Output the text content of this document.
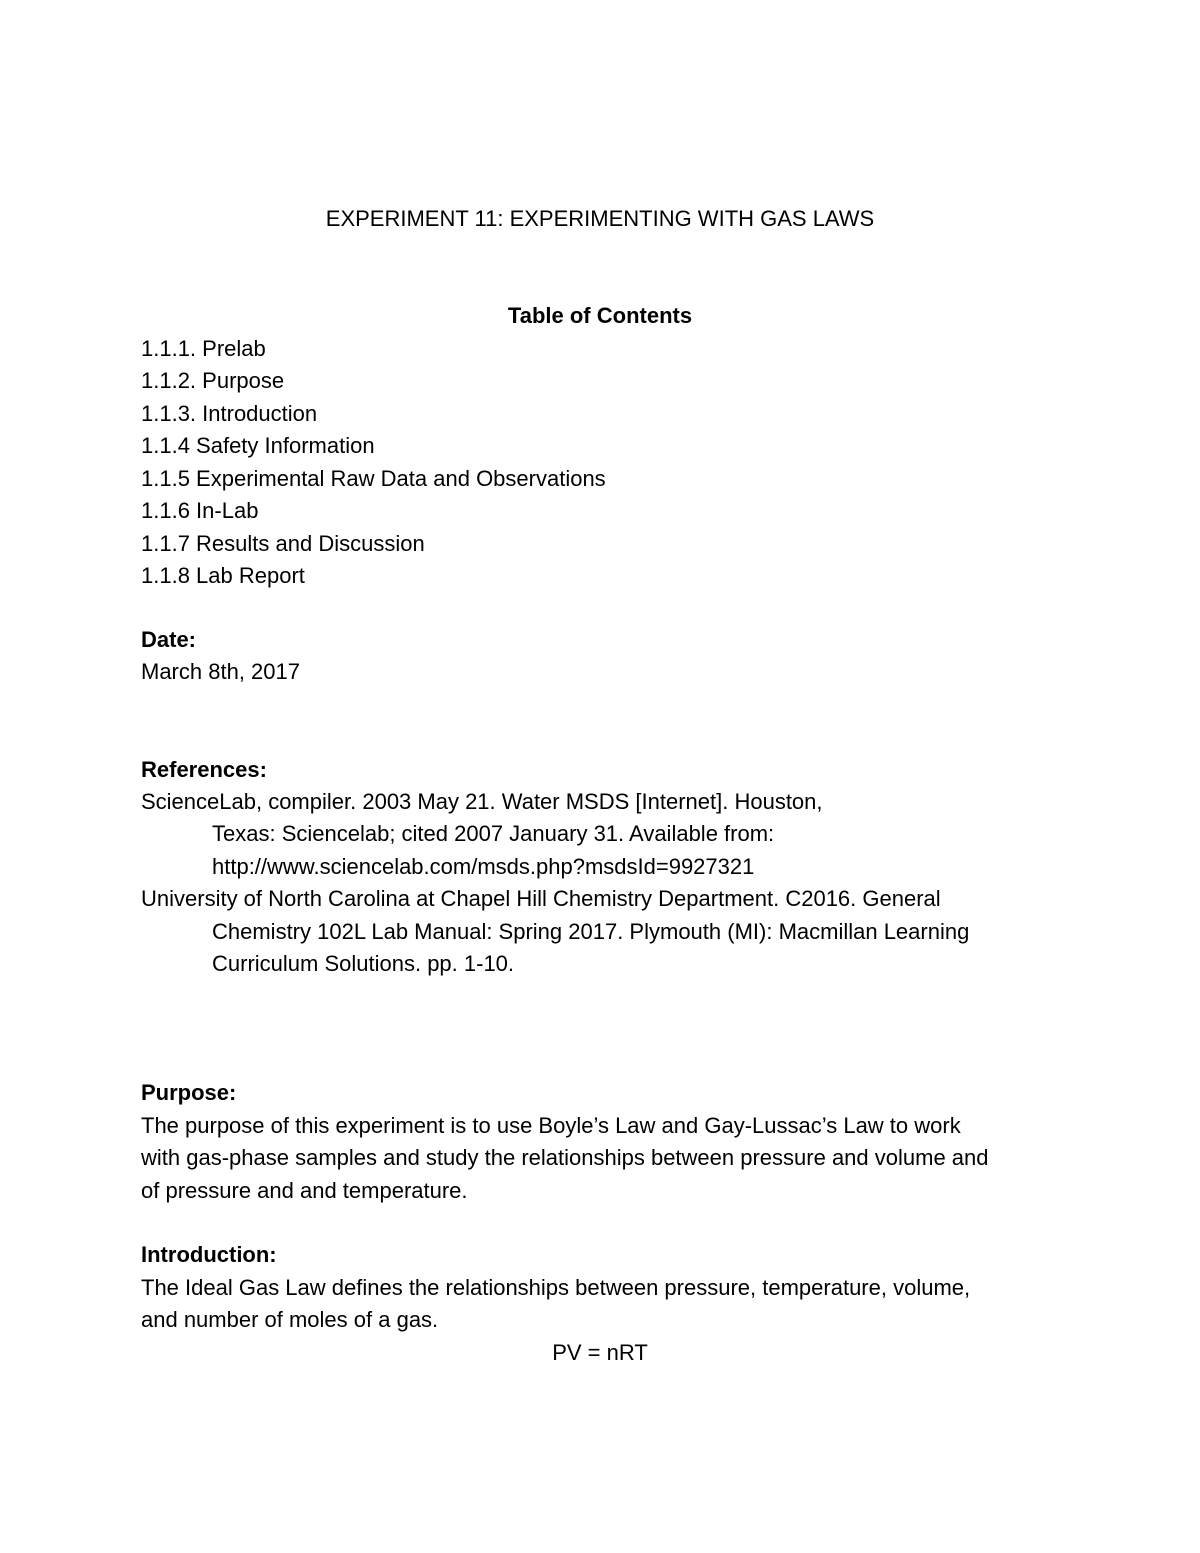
EXPERIMENT 11: EXPERIMENTING WITH GAS LAWS

Table of Contents

1.1.1. Prelab

1.1.2. Purpose

1.1.3. Introduction

1.1.4 Safety Information

1.1.5 Experimental Raw Data and Observations

1.1.6 In-Lab

1.1.7 Results and Discussion

1.1.8 Lab Report

Date:

March 8th, 2017

References:

ScienceLab, compiler. 2003 May 21. Water MSDS [Internet]. Houston,

Texas: Sciencelab; cited 2007 January 31. Available from:

http://www.sciencelab.com/msds.php?msdsId=9927321

University of North Carolina at Chapel Hill Chemistry Department. C2016. General

Chemistry 102L Lab Manual: Spring 2017. Plymouth (MI): Macmillan Learning

Curriculum Solutions. pp. 1-10.

Purpose:

The purpose of this experiment is to use Boyle’s Law and Gay-Lussac’s Law to work

with gas-phase samples and study the relationships between pressure and volume and

of pressure and and temperature.

Introduction:

The Ideal Gas Law defines the relationships between pressure, temperature, volume,

and number of moles of a gas.

PV = nRT
